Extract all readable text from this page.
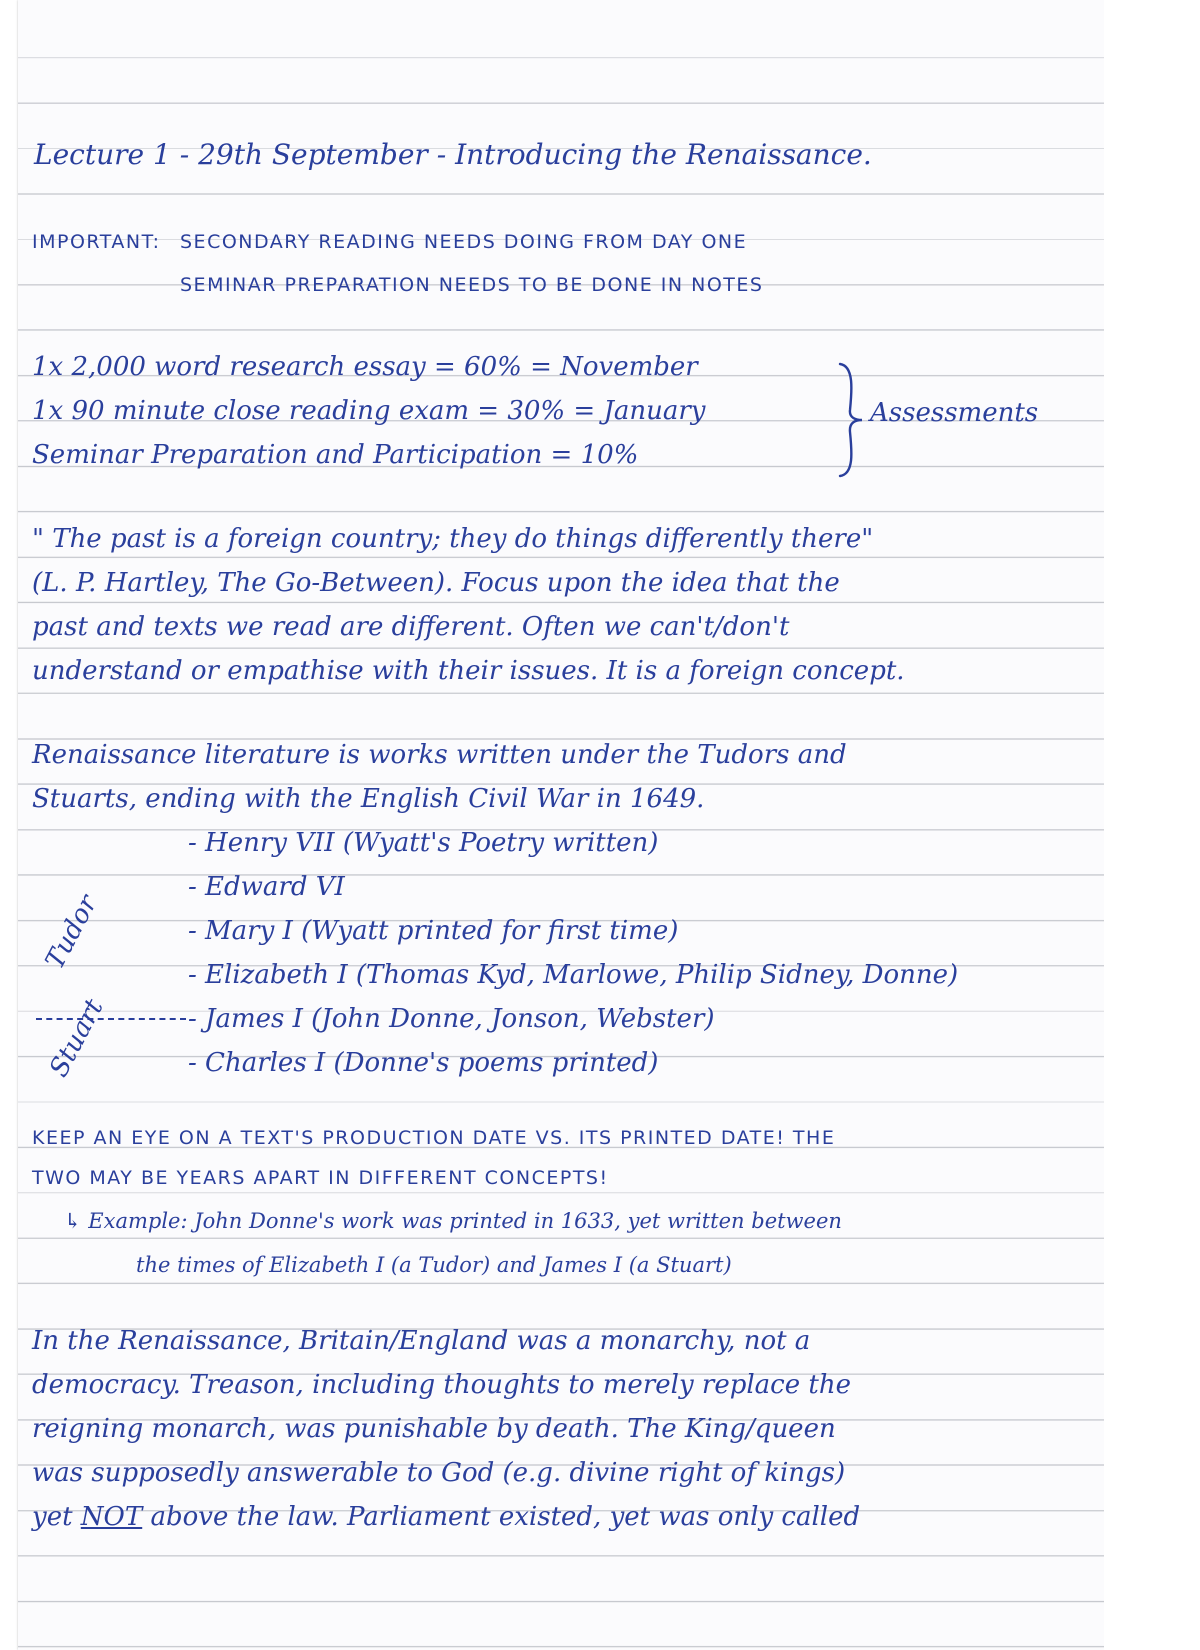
Lecture 1 - 29th September - Introducing the Renaissance.
IMPORTANT: SECONDARY READING NEEDS DOING FROM DAY ONE
SEMINAR PREPARATION NEEDS TO BE DONE IN NOTES
1x 2,000 word research essay = 60% = November
1x 90 minute close reading exam = 30% = January
Seminar Preparation and Participation = 10%
Assessments
" The past is a foreign country; they do things differently there"
(L. P. Hartley, The Go-Between). Focus upon the idea that the
past and texts we read are different. Often we can't/don't
understand or empathise with their issues. It is a foreign concept.
Renaissance literature is works written under the Tudors and
Stuarts, ending with the English Civil War in 1649.
- Henry VII (Wyatt's Poetry written)
- Edward VI
- Mary I (Wyatt printed for first time)
- Elizabeth I (Thomas Kyd, Marlowe, Philip Sidney, Donne)
- James I (John Donne, Jonson, Webster)
- Charles I (Donne's poems printed)
Tudor
Stuart
KEEP AN EYE ON A TEXT'S PRODUCTION DATE VS. ITS PRINTED DATE! THE
TWO MAY BE YEARS APART IN DIFFERENT CONCEPTS!
↳ Example: John Donne's work was printed in 1633, yet written between
the times of Elizabeth I (a Tudor) and James I (a Stuart)
In the Renaissance, Britain/England was a monarchy, not a
democracy. Treason, including thoughts to merely replace the
reigning monarch, was punishable by death. The King/queen
was supposedly answerable to God (e.g. divine right of kings)
yet NOT above the law. Parliament existed, yet was only called
